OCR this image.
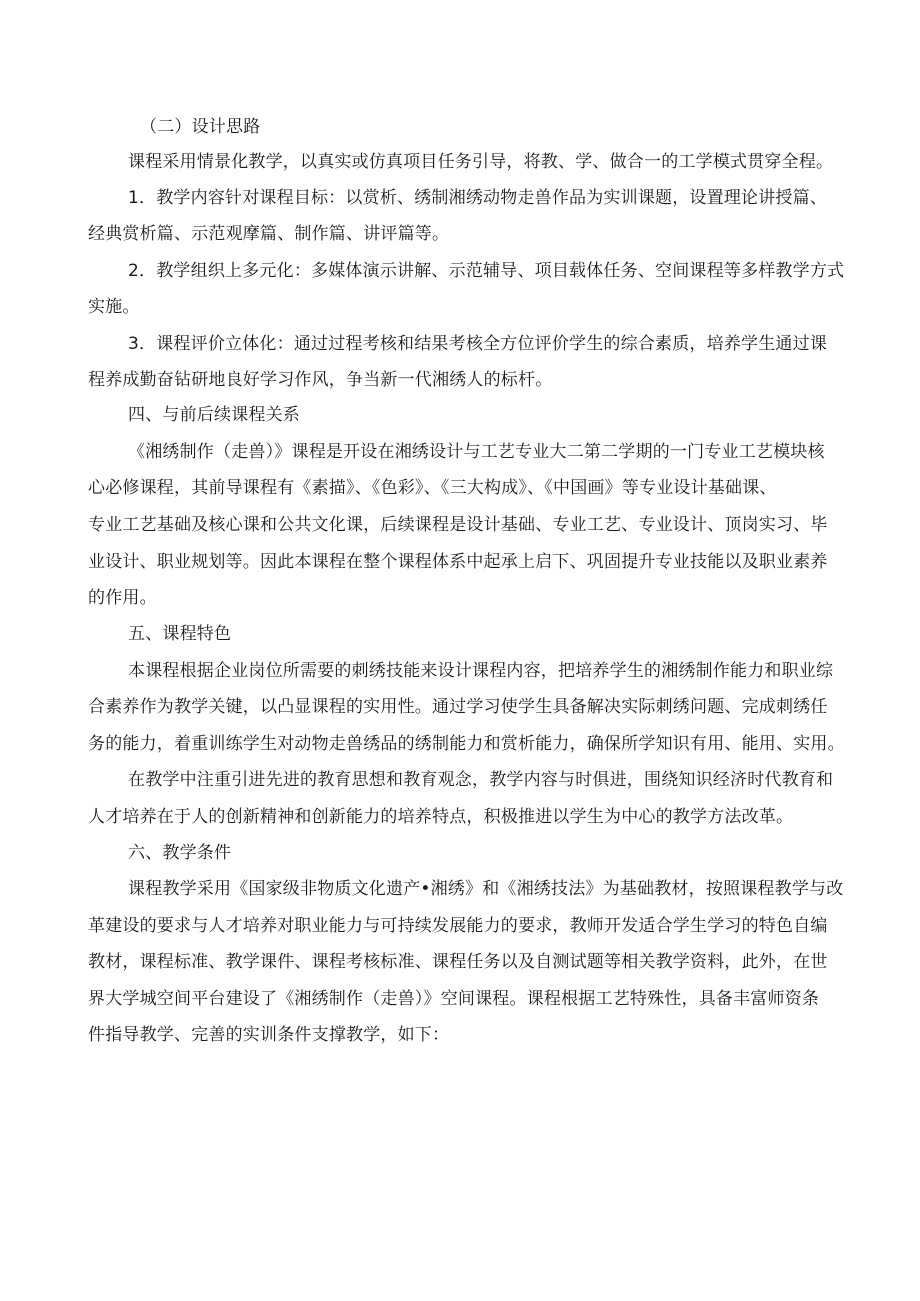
（二）设计思路
课程采用情景化教学，以真实或仿真项目任务引导，将教、学、做合一的工学模式贯穿全程。
1．教学内容针对课程目标：以赏析、绣制湘绣动物走兽作品为实训课题，设置理论讲授篇、
经典赏析篇、示范观摩篇、制作篇、讲评篇等。
2．教学组织上多元化：多媒体演示讲解、示范辅导、项目载体任务、空间课程等多样教学方式
实施。
3．课程评价立体化：通过过程考核和结果考核全方位评价学生的综合素质，培养学生通过课
程养成勤奋钻研地良好学习作风，争当新一代湘绣人的标杆。
四、与前后续课程关系
《湘绣制作（走兽）》课程是开设在湘绣设计与工艺专业大二第二学期的一门专业工艺模块核
心必修课程，其前导课程有《素描》、《色彩》、《三大构成》、《中国画》等专业设计基础课、
专业工艺基础及核心课和公共文化课，后续课程是设计基础、专业工艺、专业设计、顶岗实习、毕
业设计、职业规划等。因此本课程在整个课程体系中起承上启下、巩固提升专业技能以及职业素养
的作用。
五、课程特色
本课程根据企业岗位所需要的刺绣技能来设计课程内容，把培养学生的湘绣制作能力和职业综
合素养作为教学关键，以凸显课程的实用性。通过学习使学生具备解决实际刺绣问题、完成刺绣任
务的能力，着重训练学生对动物走兽绣品的绣制能力和赏析能力，确保所学知识有用、能用、实用。
在教学中注重引进先进的教育思想和教育观念，教学内容与时俱进，围绕知识经济时代教育和
人才培养在于人的创新精神和创新能力的培养特点，积极推进以学生为中心的教学方法改革。
六、教学条件
课程教学采用《国家级非物质文化遗产•湘绣》和《湘绣技法》为基础教材，按照课程教学与改
革建设的要求与人才培养对职业能力与可持续发展能力的要求，教师开发适合学生学习的特色自编
教材，课程标准、教学课件、课程考核标准、课程任务以及自测试题等相关教学资料，此外，在世
界大学城空间平台建设了《湘绣制作（走兽）》空间课程。课程根据工艺特殊性，具备丰富师资条
件指导教学、完善的实训条件支撑教学，如下：
